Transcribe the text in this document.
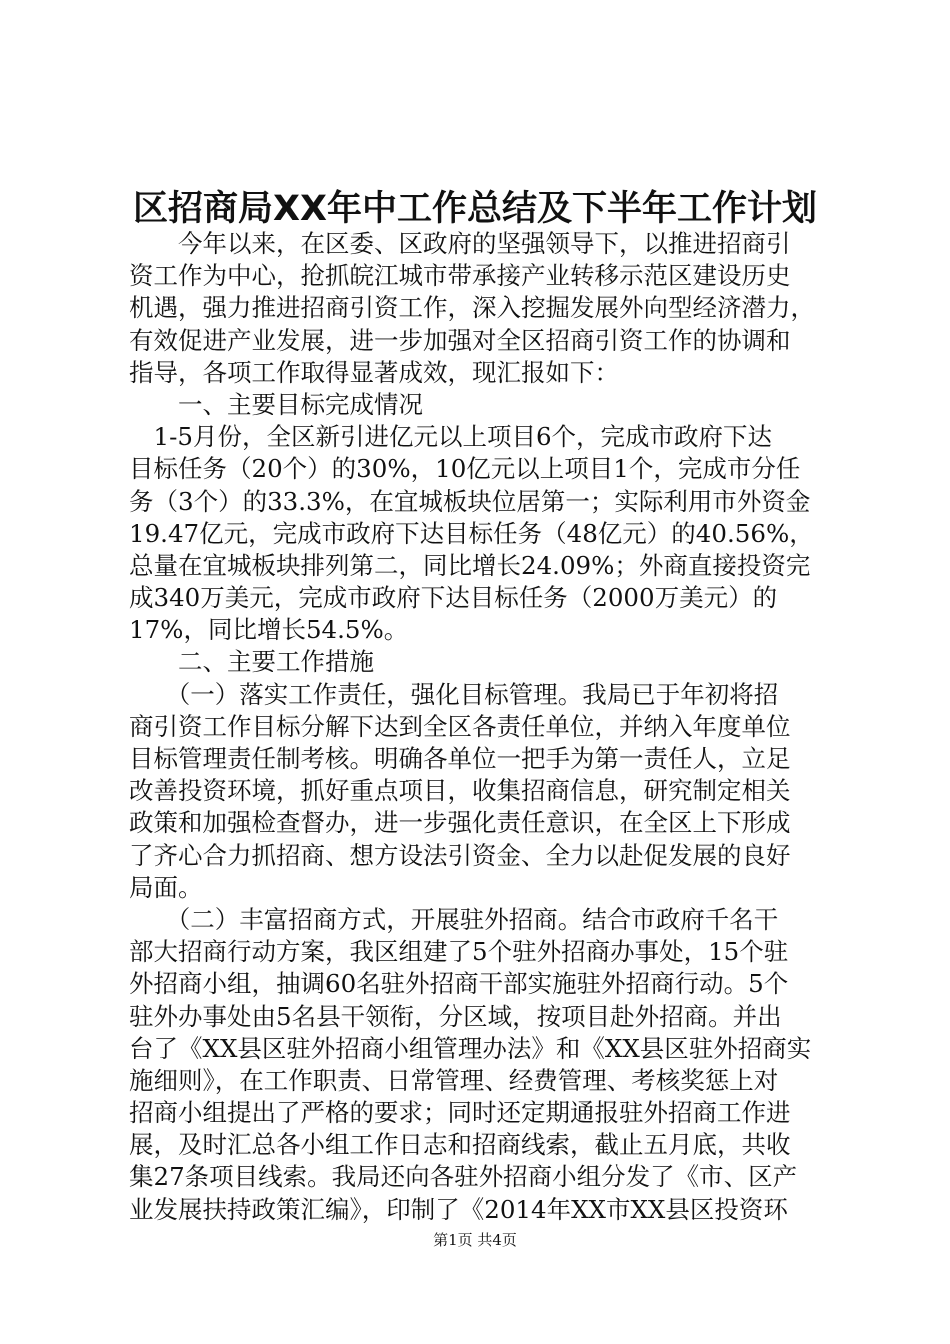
区招商局XX年中工作总结及下半年工作计划
　　今年以来，在区委、区政府的坚强领导下，以推进招商引
资工作为中心，抢抓皖江城市带承接产业转移示范区建设历史
机遇，强力推进招商引资工作，深入挖掘发展外向型经济潜力，
有效促进产业发展，进一步加强对全区招商引资工作的协调和
指导，各项工作取得显著成效，现汇报如下：
　　一、主要目标完成情况
　1-5月份，全区新引进亿元以上项目6个，完成市政府下达
目标任务（20个）的30%，10亿元以上项目1个，完成市分任
务（3个）的33.3%，在宜城板块位居第一；实际利用市外资金
19.47亿元，完成市政府下达目标任务（48亿元）的40.56%，
总量在宜城板块排列第二，同比增长24.09%；外商直接投资完
成340万美元，完成市政府下达目标任务（2000万美元）的
17%，同比增长54.5%。
　　二、主要工作措施
　　（一）落实工作责任，强化目标管理。我局已于年初将招
商引资工作目标分解下达到全区各责任单位，并纳入年度单位
目标管理责任制考核。明确各单位一把手为第一责任人，立足
改善投资环境，抓好重点项目，收集招商信息，研究制定相关
政策和加强检查督办，进一步强化责任意识，在全区上下形成
了齐心合力抓招商、想方设法引资金、全力以赴促发展的良好
局面。
　　（二）丰富招商方式，开展驻外招商。结合市政府千名干
部大招商行动方案，我区组建了5个驻外招商办事处，15个驻
外招商小组，抽调60名驻外招商干部实施驻外招商行动。5个
驻外办事处由5名县干领衔，分区域，按项目赴外招商。并出
台了《XX县区驻外招商小组管理办法》和《XX县区驻外招商实
施细则》，在工作职责、日常管理、经费管理、考核奖惩上对
招商小组提出了严格的要求；同时还定期通报驻外招商工作进
展，及时汇总各小组工作日志和招商线索，截止五月底，共收
集27条项目线索。我局还向各驻外招商小组分发了《市、区产
业发展扶持政策汇编》，印制了《2014年XX市XX县区投资环
第1页 共4页
